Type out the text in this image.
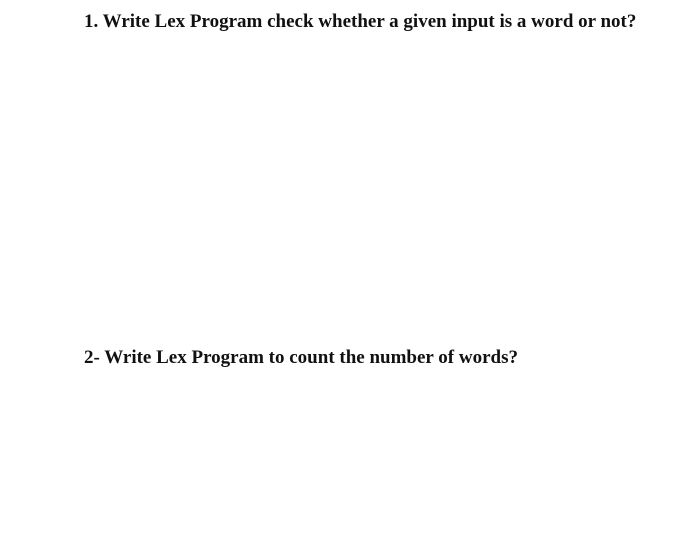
1. Write Lex Program check whether a given input is a word or not?

2- Write Lex Program to count the number of words?
